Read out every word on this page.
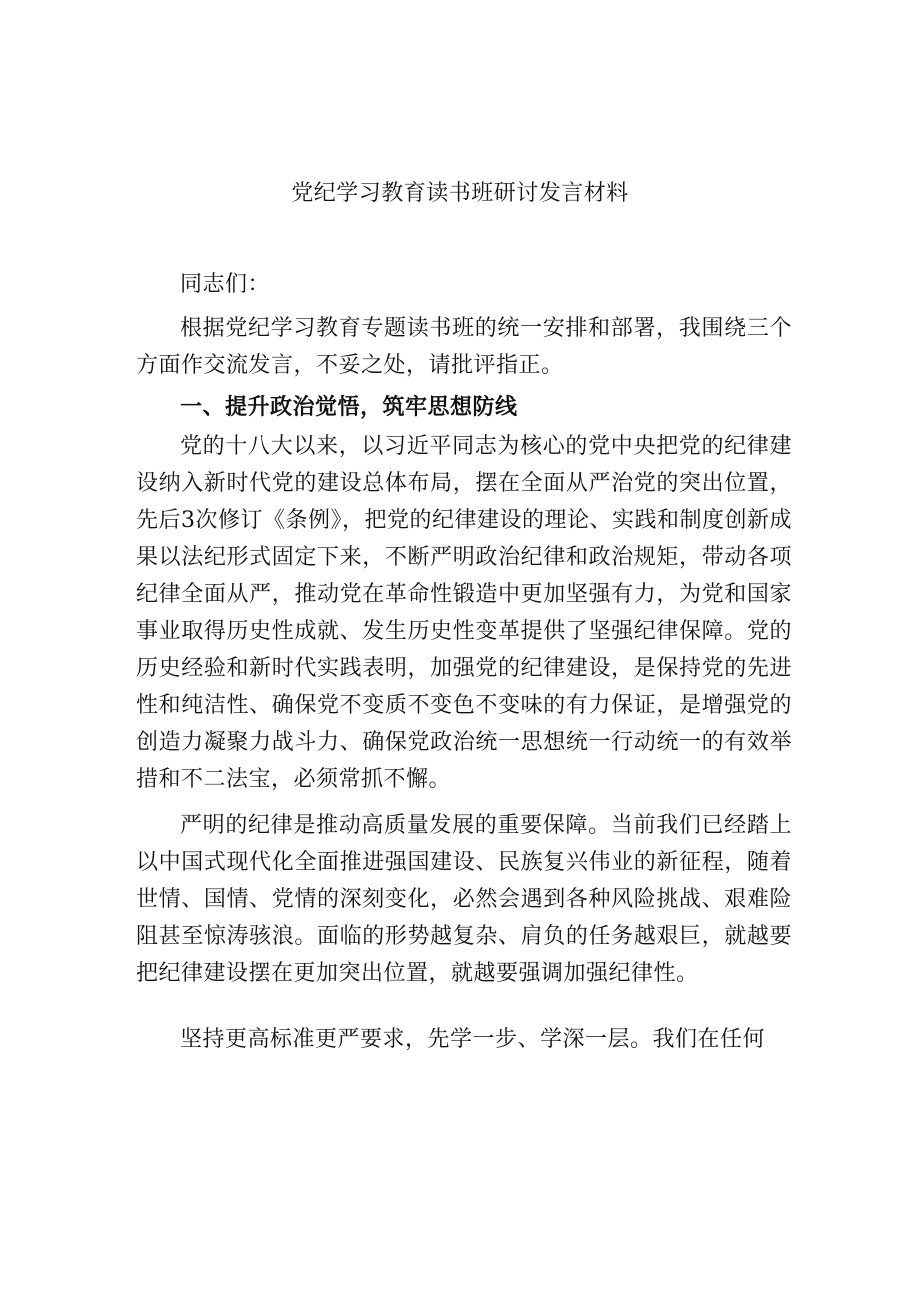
党纪学习教育读书班研讨发言材料

同志们：

根据党纪学习教育专题读书班的统一安排和部署，我围绕三个方面作交流发言，不妥之处，请批评指正。

一、提升政治觉悟，筑牢思想防线

党的十八大以来，以习近平同志为核心的党中央把党的纪律建设纳入新时代党的建设总体布局，摆在全面从严治党的突出位置，先后3次修订《条例》，把党的纪律建设的理论、实践和制度创新成果以法纪形式固定下来，不断严明政治纪律和政治规矩，带动各项纪律全面从严，推动党在革命性锻造中更加坚强有力，为党和国家事业取得历史性成就、发生历史性变革提供了坚强纪律保障。党的历史经验和新时代实践表明，加强党的纪律建设，是保持党的先进性和纯洁性、确保党不变质不变色不变味的有力保证，是增强党的创造力凝聚力战斗力、确保党政治统一思想统一行动统一的有效举措和不二法宝，必须常抓不懈。

严明的纪律是推动高质量发展的重要保障。当前我们已经踏上以中国式现代化全面推进强国建设、民族复兴伟业的新征程，随着世情、国情、党情的深刻变化，必然会遇到各种风险挑战、艰难险阻甚至惊涛骇浪。面临的形势越复杂、肩负的任务越艰巨，就越要把纪律建设摆在更加突出位置，就越要强调加强纪律性。

坚持更高标准更严要求，先学一步、学深一层。我们在任何
